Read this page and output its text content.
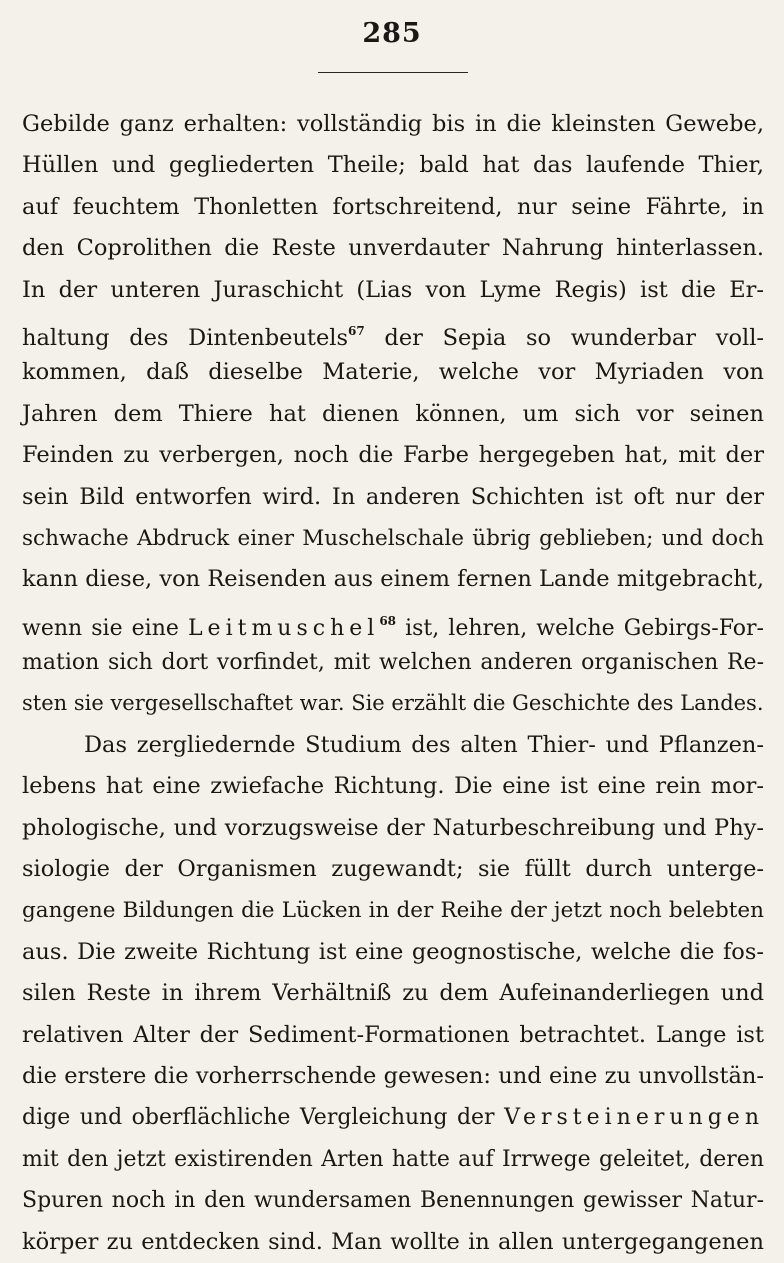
285
Gebilde ganz erhalten: vollständig bis in die kleinsten Gewebe,
Hüllen und gegliederten Theile; bald hat das laufende Thier,
auf feuchtem Thonletten fortschreitend, nur seine Fährte, in
den Coprolithen die Reste unverdauter Nahrung hinterlassen.
In der unteren Juraschicht (Lias von Lyme Regis) ist die Er-
haltung des Dintenbeutels$^{67}$ der Sepia so wunderbar voll-
kommen, daß dieselbe Materie, welche vor Myriaden von
Jahren dem Thiere hat dienen können, um sich vor seinen
Feinden zu verbergen, noch die Farbe hergegeben hat, mit der
sein Bild entworfen wird. In anderen Schichten ist oft nur der
schwache Abdruck einer Muschelschale übrig geblieben; und doch
kann diese, von Reisenden aus einem fernen Lande mitgebracht,
wenn sie eine Leitmuschel$^{68}$ ist, lehren, welche Gebirgs-For-
mation sich dort vorfindet, mit welchen anderen organischen Re-
sten sie vergesellschaftet war. Sie erzählt die Geschichte des Landes.
Das zergliedernde Studium des alten Thier- und Pflanzen-
lebens hat eine zwiefache Richtung. Die eine ist eine rein mor-
phologische, und vorzugsweise der Naturbeschreibung und Phy-
siologie der Organismen zugewandt; sie füllt durch unterge-
gangene Bildungen die Lücken in der Reihe der jetzt noch belebten
aus. Die zweite Richtung ist eine geognostische, welche die fos-
silen Reste in ihrem Verhältniß zu dem Aufeinanderliegen und
relativen Alter der Sediment-Formationen betrachtet. Lange ist
die erstere die vorherrschende gewesen: und eine zu unvollstän-
dige und oberflächliche Vergleichung der Versteinerungen
mit den jetzt existirenden Arten hatte auf Irrwege geleitet, deren
Spuren noch in den wundersamen Benennungen gewisser Natur-
körper zu entdecken sind. Man wollte in allen untergegangenen
